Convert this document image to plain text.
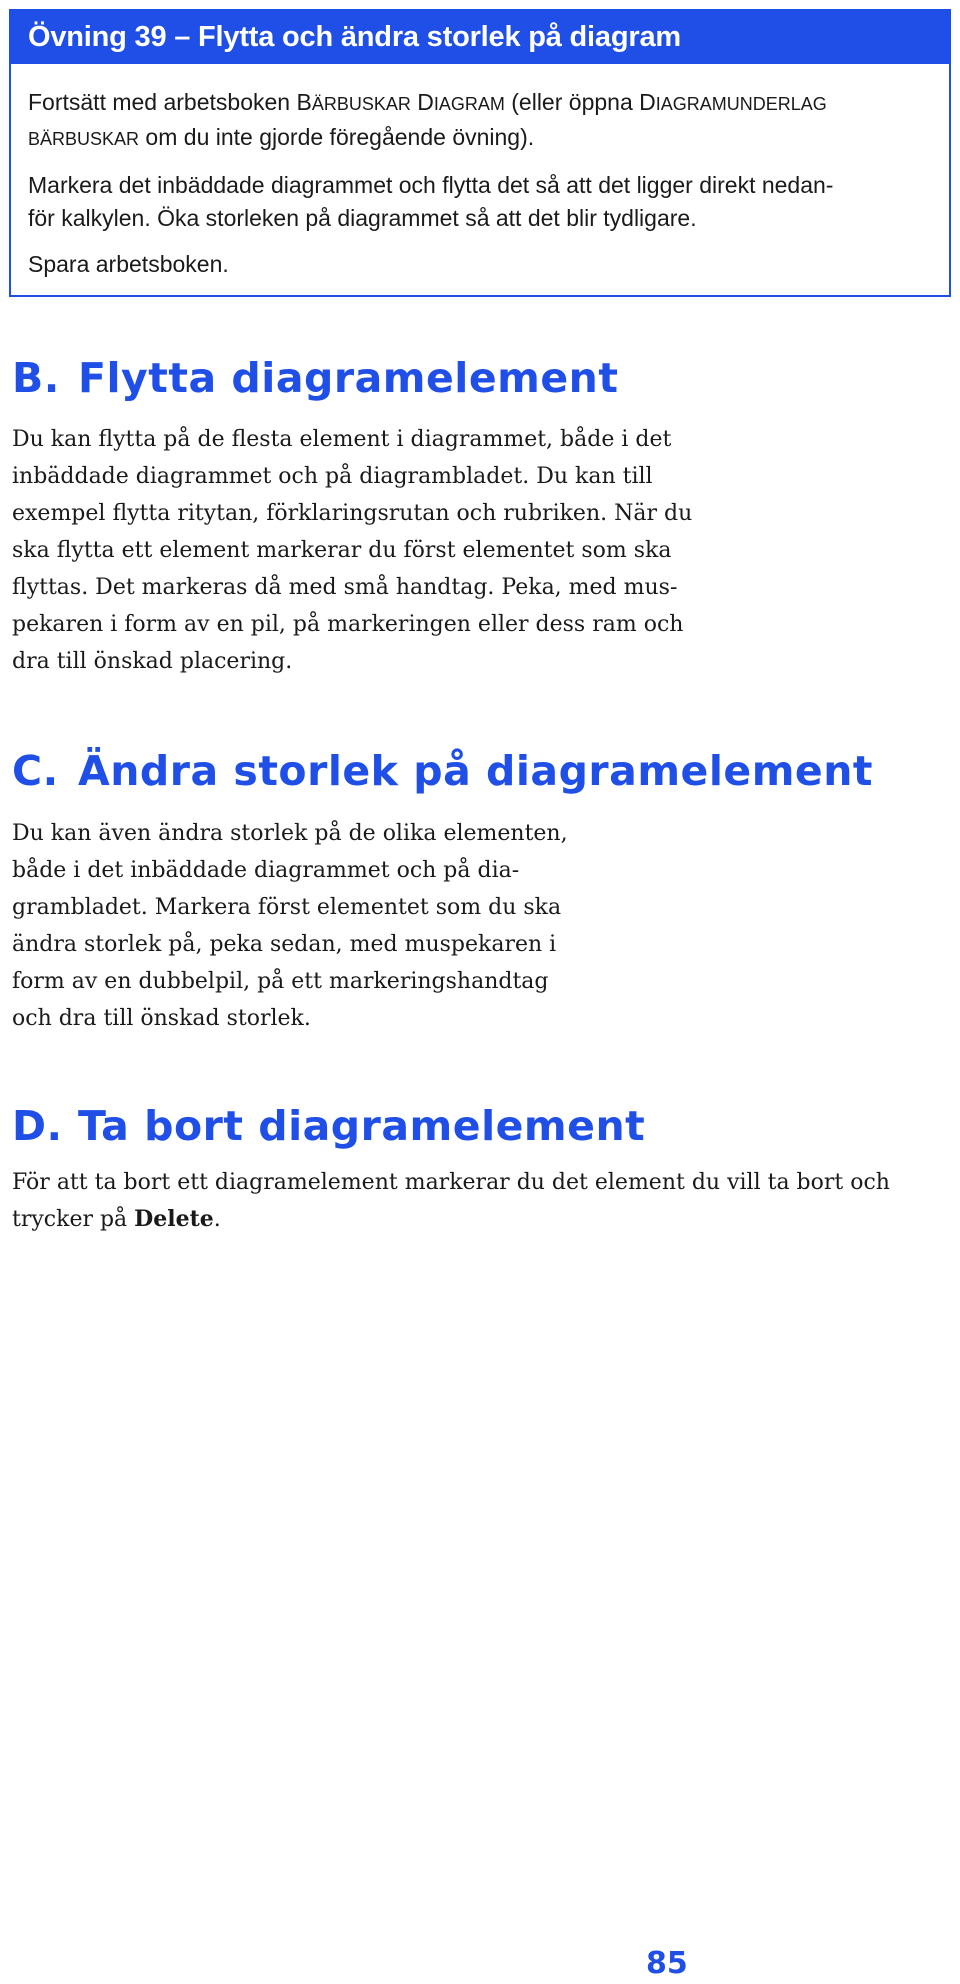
Övning 39 – Flytta och ändra storlek på diagram

Fortsätt med arbetsboken BÄRBUSKAR DIAGRAM (eller öppna DIAGRAMUNDERLAG
BÄRBUSKAR om du inte gjorde föregående övning).

Markera det inbäddade diagrammet och flytta det så att det ligger direkt nedan-
för kalkylen. Öka storleken på diagrammet så att det blir tydligare.

Spara arbetsboken.

B. Flytta diagramelement

Du kan flytta på de flesta element i diagrammet, både i det
inbäddade diagrammet och på diagrambladet. Du kan till
exempel flytta ritytan, förklaringsrutan och rubriken. När du
ska flytta ett element markerar du först elementet som ska
flyttas. Det markeras då med små handtag. Peka, med mus-
pekaren i form av en pil, på markeringen eller dess ram och
dra till önskad placering.

C. Ändra storlek på diagramelement

Du kan även ändra storlek på de olika elementen,
både i det inbäddade diagrammet och på dia-
grambladet. Markera först elementet som du ska
ändra storlek på, peka sedan, med muspekaren i
form av en dubbelpil, på ett markeringshandtag
och dra till önskad storlek.

D. Ta bort diagramelement

För att ta bort ett diagramelement markerar du det element du vill ta bort och
trycker på Delete.

85
